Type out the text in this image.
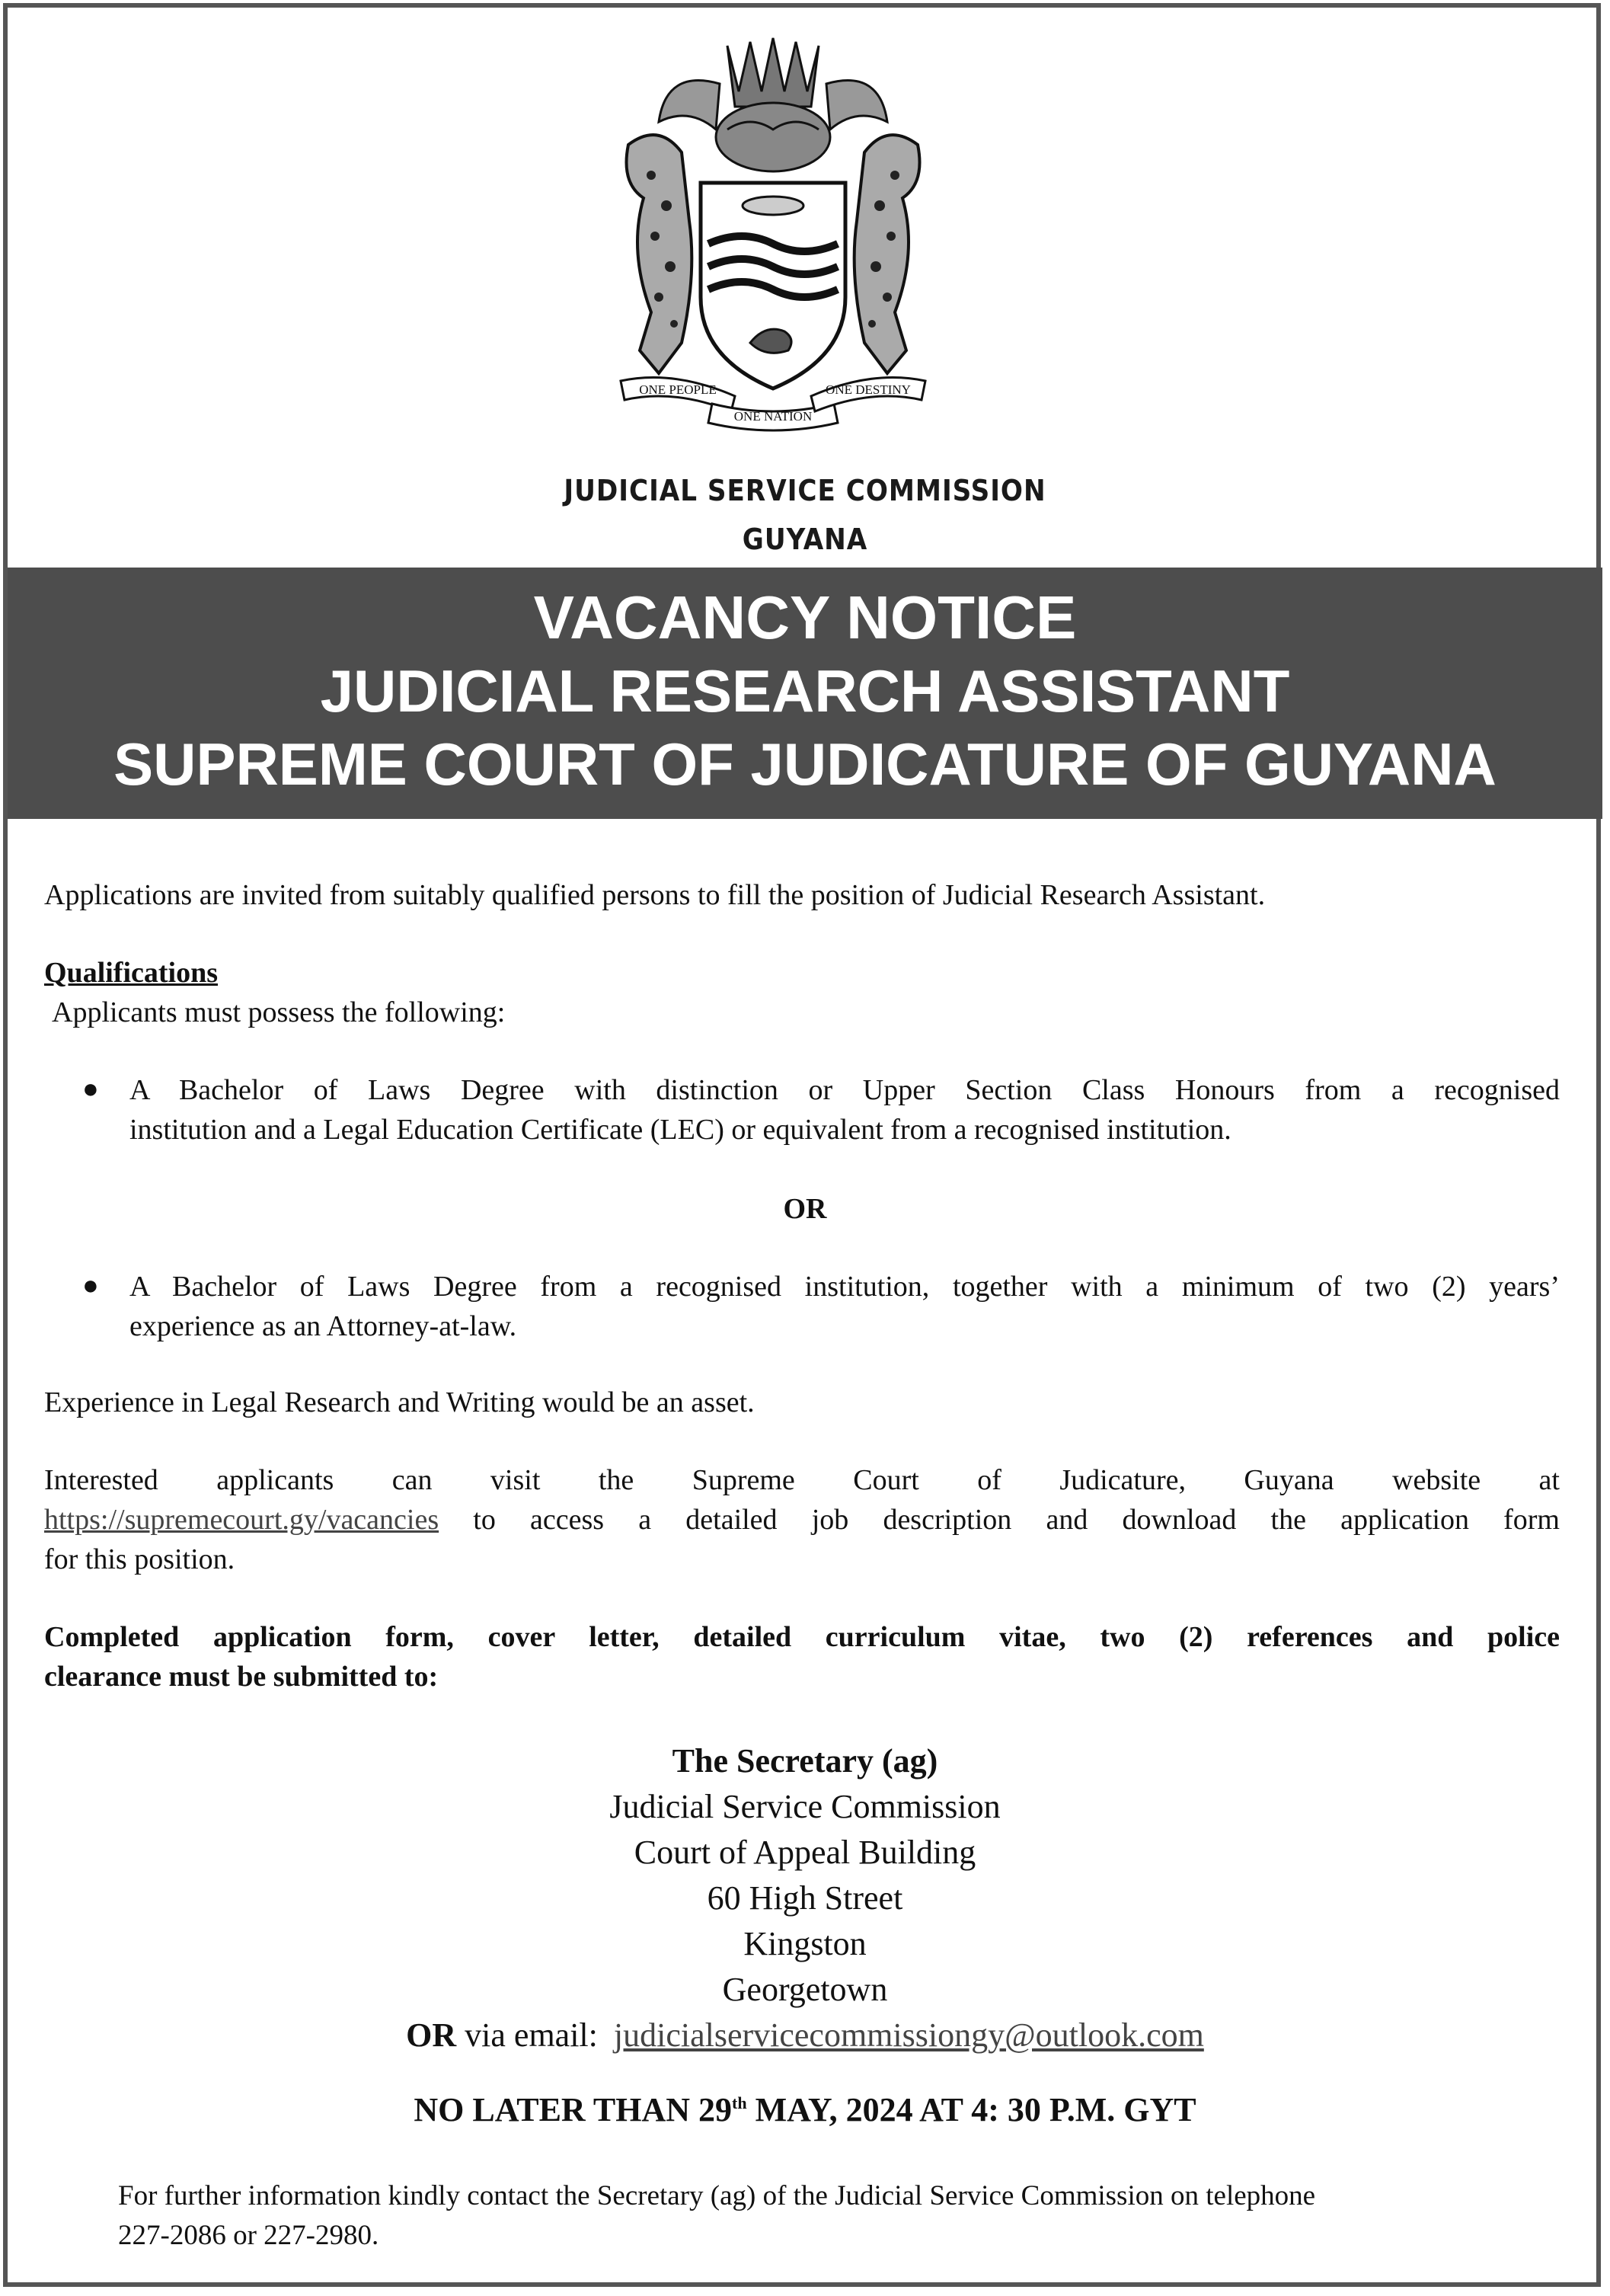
ONE PEOPLE
ONE NATION
ONE DESTINY
JUDICIAL SERVICE COMMISSION
GUYANA
VACANCY NOTICE
JUDICIAL RESEARCH ASSISTANT
SUPREME COURT OF JUDICATURE OF GUYANA
Applications are invited from suitably qualified persons to fill the position of Judicial Research Assistant.
Qualifications
Applicants must possess the following:
● A Bachelor of Laws Degree with distinction or Upper Section Class Honours from a recognised
institution and a Legal Education Certificate (LEC) or equivalent from a recognised institution.
OR
● A Bachelor of Laws Degree from a recognised institution, together with a minimum of two (2) years’
experience as an Attorney-at-law.
Experience in Legal Research and Writing would be an asset.
Interested applicants can visit the Supreme Court of Judicature, Guyana website at
https://supremecourt.gy/vacancies to access a detailed job description and download the application form
for this position.
Completed application form, cover letter, detailed curriculum vitae, two (2) references and police
clearance must be submitted to:
The Secretary (ag)
Judicial Service Commission
Court of Appeal Building
60 High Street
Kingston
Georgetown
OR via email: judicialservicecommissiongy@outlook.com
NO LATER THAN 29th MAY, 2024 AT 4: 30 P.M. GYT
For further information kindly contact the Secretary (ag) of the Judicial Service Commission on telephone
227-2086 or 227-2980.
